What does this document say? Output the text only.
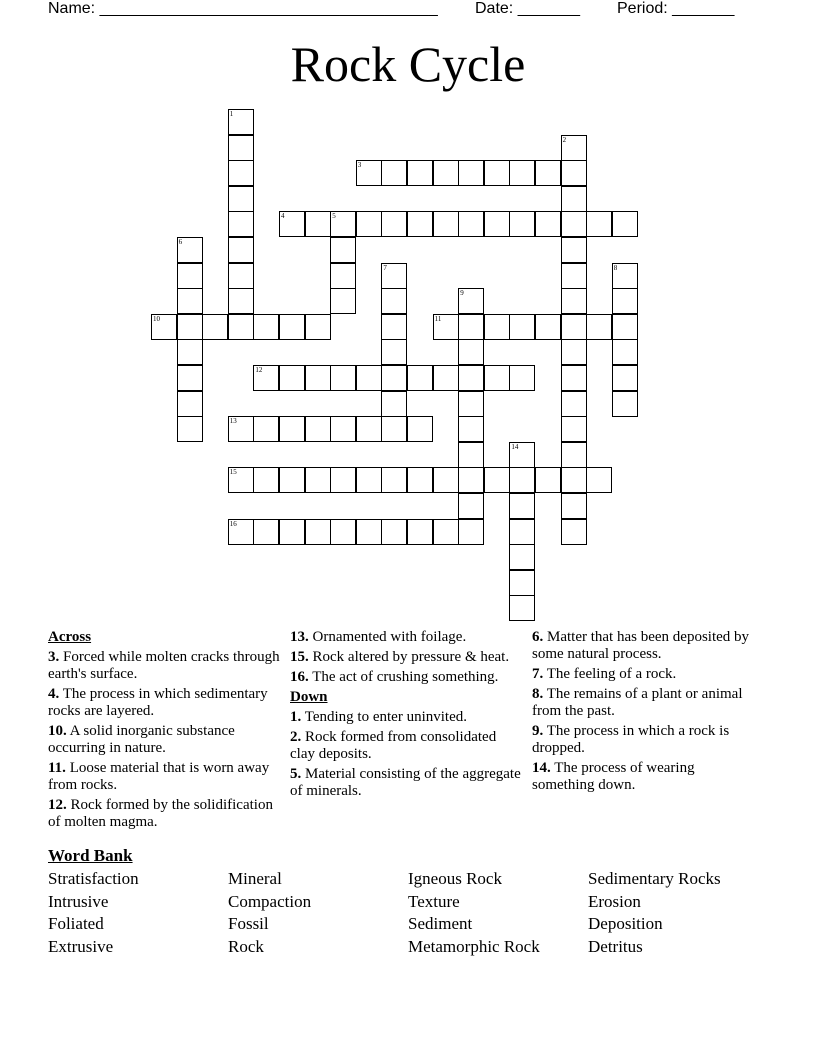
Name: ______________________________________ Date: _______ Period: _______
Rock Cycle
1
2
3
4	5
6
7	8
9
10	11
12
13
14
15
16
Across
3. Forced while molten cracks through earth's surface.
4. The process in which sedimentary rocks are layered.
10. A solid inorganic substance occurring in nature.
11. Loose material that is worn away from rocks.
12. Rock formed by the solidification of molten magma.
13. Ornamented with foilage.
15. Rock altered by pressure & heat.
16. The act of crushing something.
Down
1. Tending to enter uninvited.
2. Rock formed from consolidated clay deposits.
5. Material consisting of the aggregate of minerals.
6. Matter that has been deposited by some natural process.
7. The feeling of a rock.
8. The remains of a plant or animal from the past.
9. The process in which a rock is dropped.
14. The process of wearing something down.
Word Bank
Stratisfaction	Mineral	Igneous Rock	Sedimentary Rocks
Intrusive	Compaction	Texture	Erosion
Foliated	Fossil	Sediment	Deposition
Extrusive	Rock	Metamorphic Rock	Detritus
